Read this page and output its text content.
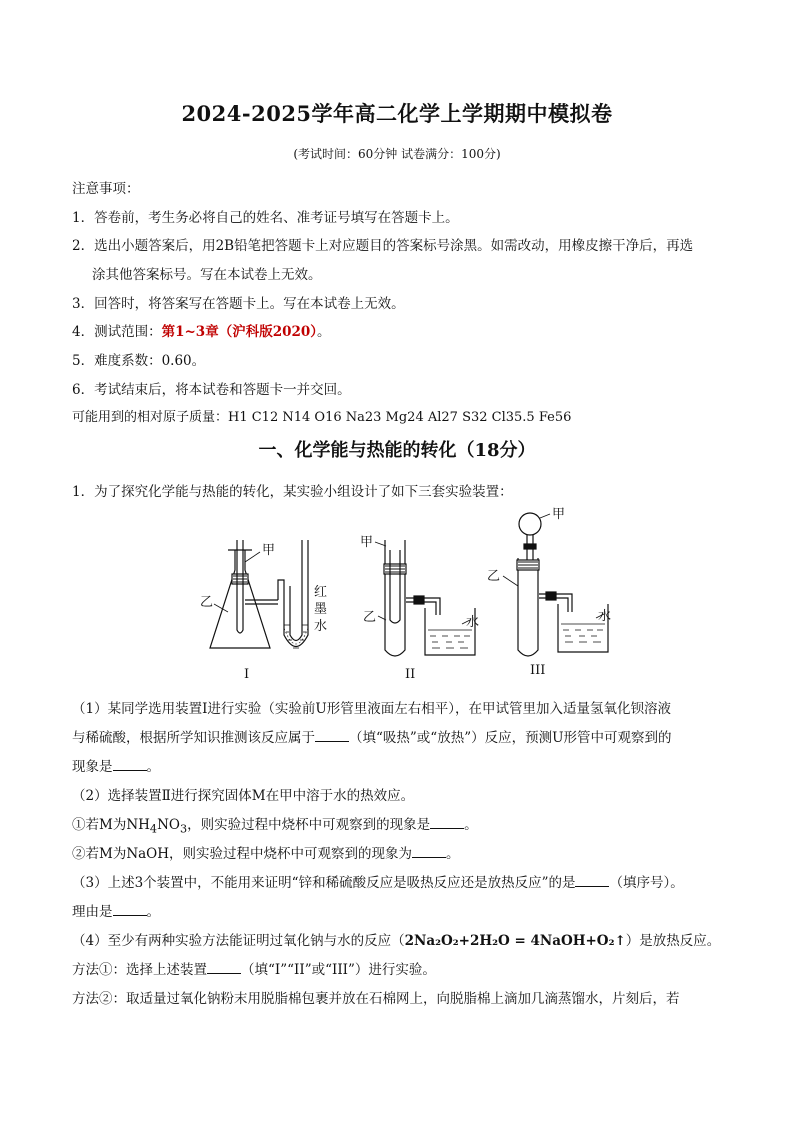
2024-2025学年高二化学上学期期中模拟卷
(考试时间：60分钟 试卷满分：100分)
注意事项：
1．答卷前，考生务必将自己的姓名、准考证号填写在答题卡上。
2．选出小题答案后，用2B铅笔把答题卡上对应题目的答案标号涂黑。如需改动，用橡皮擦干净后，再选
涂其他答案标号。写在本试卷上无效。
3．回答时，将答案写在答题卡上。写在本试卷上无效。
4．测试范围：第1~3章（沪科版2020）。
5．难度系数：0.60。
6．考试结束后，将本试卷和答题卡一并交回。
可能用到的相对原子质量：H1 C12 N14 O16 Na23 Mg24 Al27 S32 Cl35.5 Fe56
一、化学能与热能的转化（18分）
1．为了探究化学能与热能的转化，某实验小组设计了如下三套实验装置：
甲
乙
红
墨
水
甲
乙	水
甲
乙
水
I	II	III
（1）某同学选用装置Ⅰ进行实验（实验前U形管里液面左右相平），在甲试管里加入适量氢氧化钡溶液
与稀硫酸，根据所学知识推测该反应属于	（填“吸热”或“放热”）反应，预测U形管中可观察到的
现象是	。
（2）选择装置Ⅱ进行探究固体M在甲中溶于水的热效应。
①若M为$NH_4NO_3$，则实验过程中烧杯中可观察到的现象是	。
②若M为NaOH，则实验过程中烧杯中可观察到的现象为	。
（3）上述3个装置中，不能用来证明“锌和稀硫酸反应是吸热反应还是放热反应”的是	（填序号）。
理由是	。
（4）至少有两种实验方法能证明过氧化钠与水的反应（2Na₂O₂+2H₂O = 4NaOH+O₂↑）是放热反应。
方法①：选择上述装置	（填“I”“II”或“III”）进行实验。
方法②：取适量过氧化钠粉末用脱脂棉包裹并放在石棉网上，向脱脂棉上滴加几滴蒸馏水，片刻后，若
